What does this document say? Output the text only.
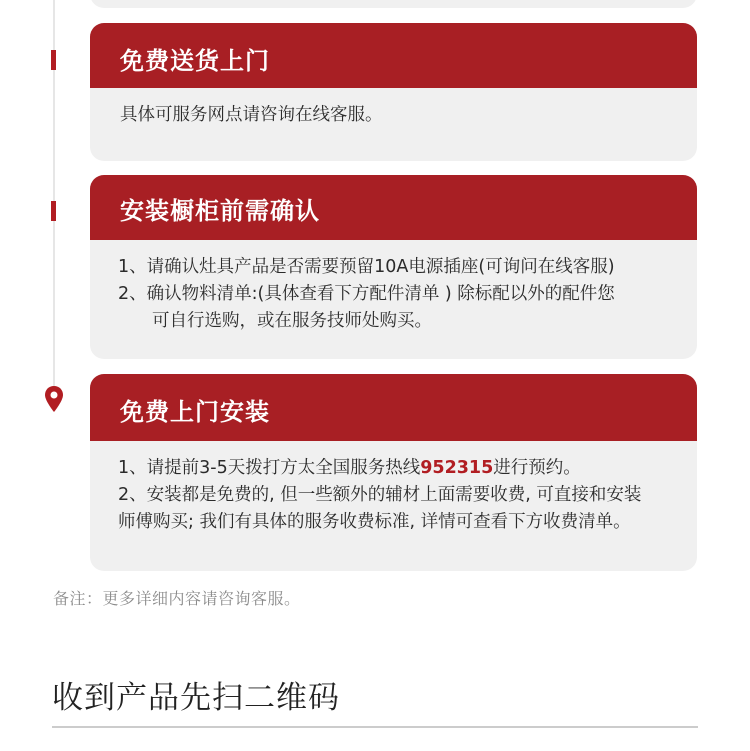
免费送货上门

具体可服务网点请咨询在线客服。

安装橱柜前需确认

1、请确认灶具产品是否需要预留10A电源插座(可询问在线客服)

2、确认物料清单:(具体查看下方配件清单 ) 除标配以外的配件您

可自行选购，或在服务技师处购买。

免费上门安装

1、请提前3-5天拨打方太全国服务热线952315进行预约。

2、安装都是免费的, 但一些额外的辅材上面需要收费, 可直接和安装

师傅购买; 我们有具体的服务收费标准, 详情可查看下方收费清单。

备注：更多详细内容请咨询客服。
收到产品先扫二维码
